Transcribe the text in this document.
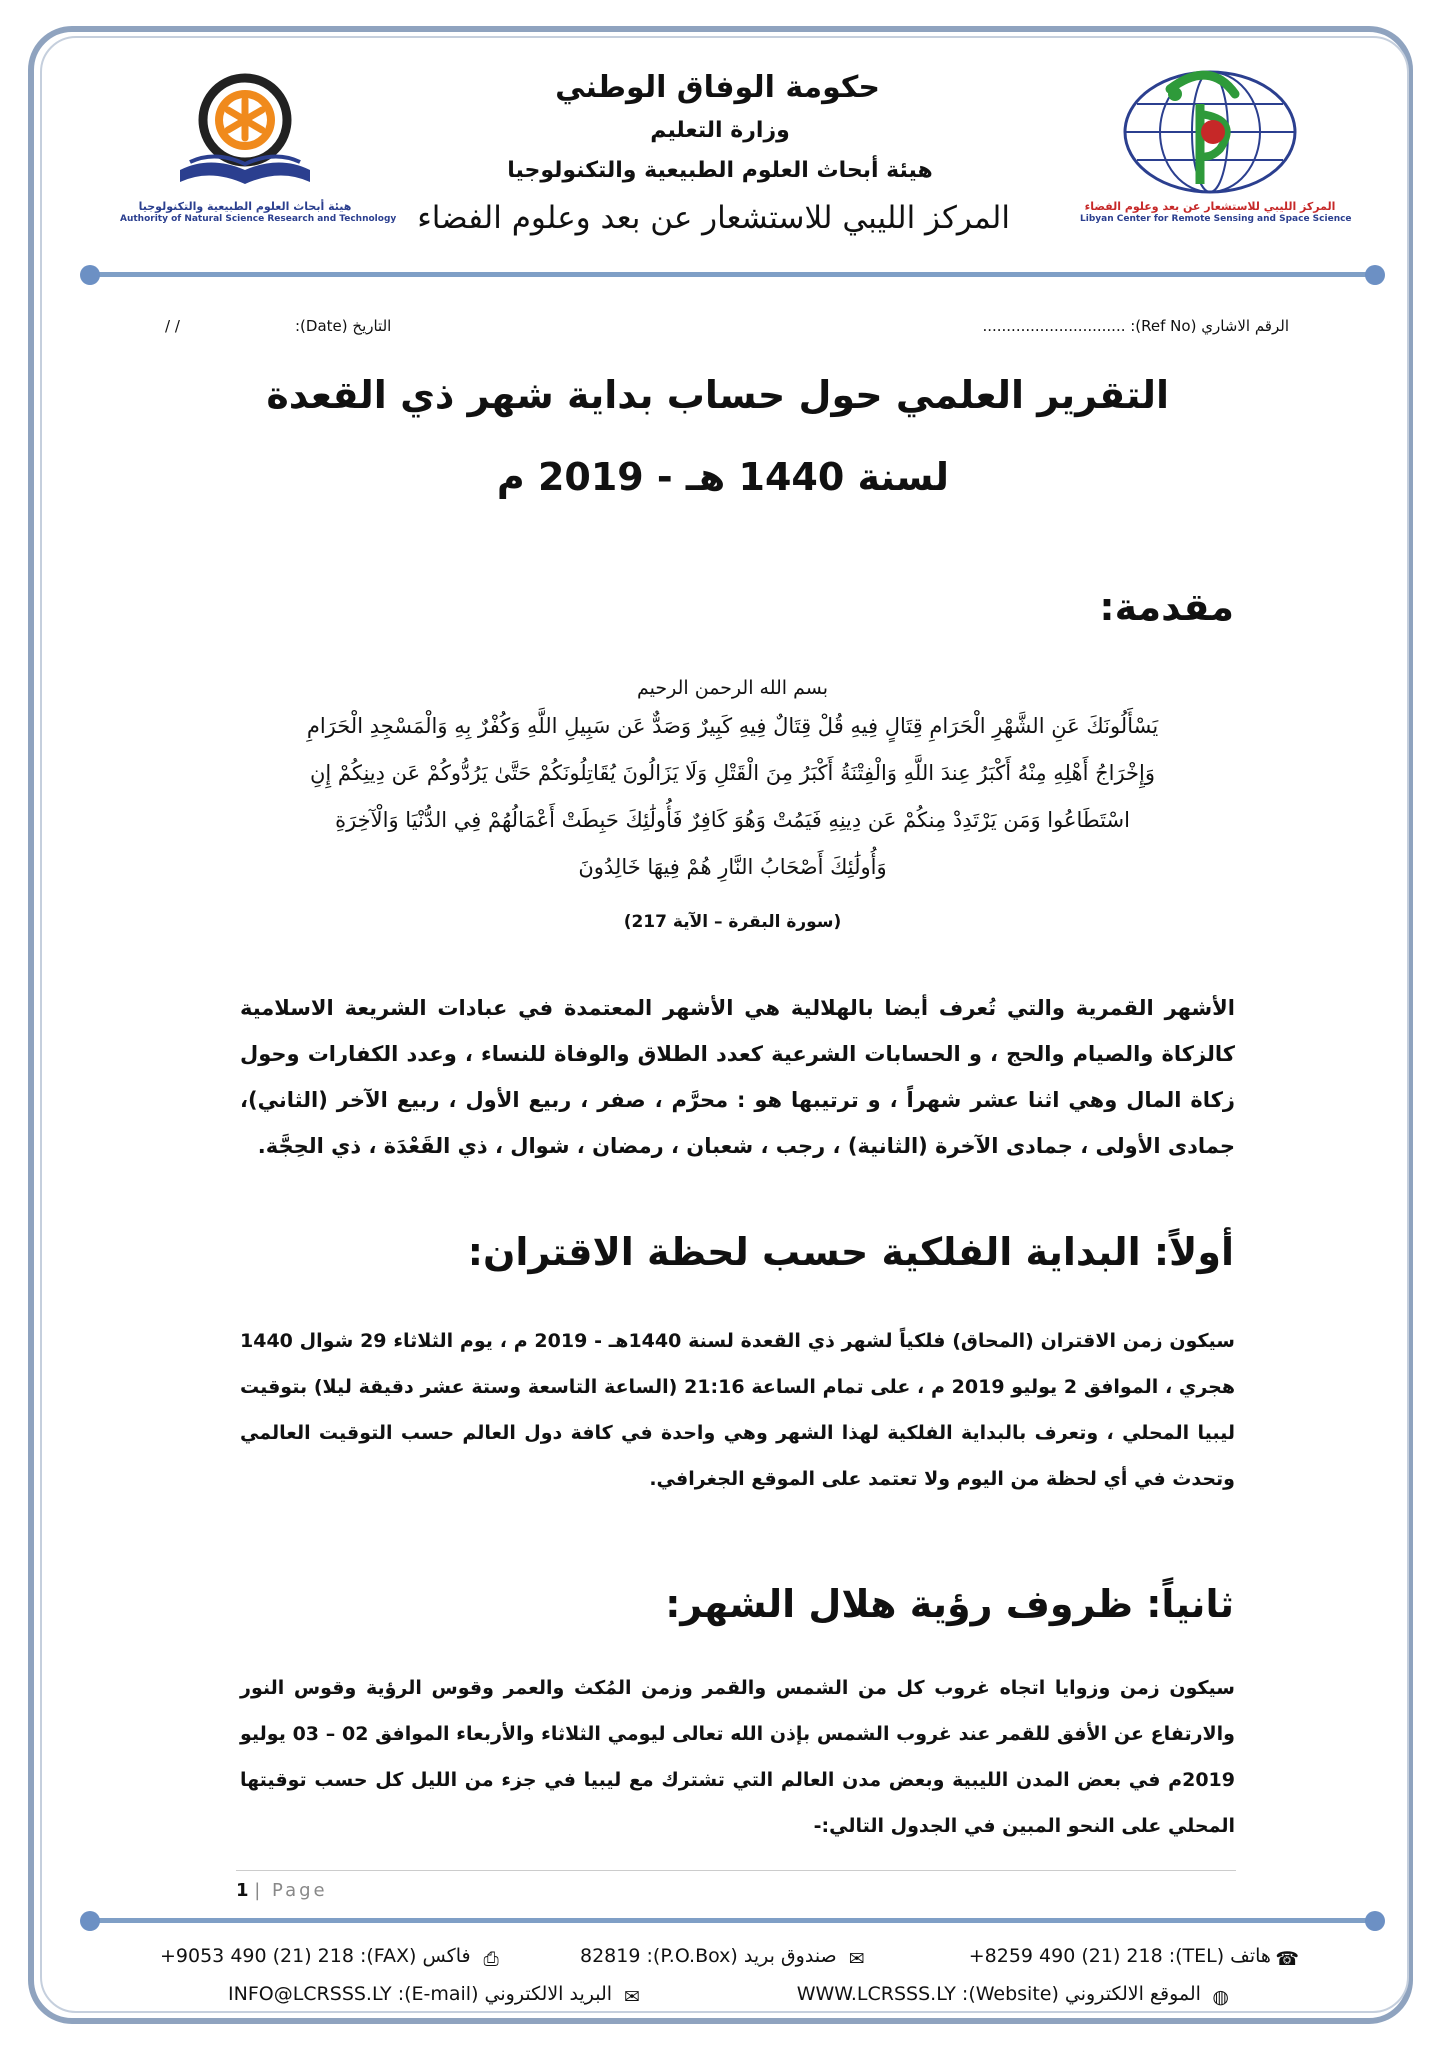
هيئة أبحاث العلوم الطبيعية والتكنولوجيا
Authority of Natural Science Research and Technology
المركز الليبي للاستشعار عن بعد وعلوم الفضاء
Libyan Center for Remote Sensing and Space Science
حكومة الوفاق الوطني
وزارة التعليم
هيئة أبحاث العلوم الطبيعية والتكنولوجيا
المركز الليبي للاستشعار عن بعد وعلوم الفضاء
الرقم الاشاري (Ref No): ..............................
التاريخ (Date):
/ /
التقرير العلمي حول حساب بداية شهر ذي القعدة
لسنة 1440 هـ - 2019 م
مقدمة:
بسم الله الرحمن الرحيم
يَسْأَلُونَكَ عَنِ الشَّهْرِ الْحَرَامِ قِتَالٍ فِيهِ قُلْ قِتَالٌ فِيهِ كَبِيرٌ وَصَدٌّ عَن سَبِيلِ اللَّهِ وَكُفْرٌ بِهِ وَالْمَسْجِدِ الْحَرَامِ
وَإِخْرَاجُ أَهْلِهِ مِنْهُ أَكْبَرُ عِندَ اللَّهِ وَالْفِتْنَةُ أَكْبَرُ مِنَ الْقَتْلِ وَلَا يَزَالُونَ يُقَاتِلُونَكُمْ حَتَّىٰ يَرُدُّوكُمْ عَن دِينِكُمْ إِنِ
اسْتَطَاعُوا وَمَن يَرْتَدِدْ مِنكُمْ عَن دِينِهِ فَيَمُتْ وَهُوَ كَافِرٌ فَأُولَٰئِكَ حَبِطَتْ أَعْمَالُهُمْ فِي الدُّنْيَا وَالْآخِرَةِ
وَأُولَٰئِكَ أَصْحَابُ النَّارِ هُمْ فِيهَا خَالِدُونَ
(سورة البقرة – الآية 217)

الأشهر القمرية والتي تُعرف أيضا بالهلالية هي الأشهر المعتمدة في عبادات الشريعة الاسلامية كالزكاة والصيام والحج ، و الحسابات الشرعية كعدد الطلاق والوفاة للنساء ، وعدد الكفارات وحول زكاة المال وهي اثنا عشر شهراً ، و ترتيبها هو : محرَّم ، صفر ، ربيع الأول ، ربيع الآخر (الثاني)، جمادى الأولى ، جمادى الآخرة (الثانية) ، رجب ، شعبان ، رمضان ، شوال ، ذي القَعْدَة ، ذي الحِجَّة.

أولاً: البداية الفلكية حسب لحظة الاقتران:

سيكون زمن الاقتران (المحاق) فلكياً لشهر ذي القعدة لسنة 1440هـ - 2019 م ، يوم الثلاثاء 29 شوال 1440 هجري ، الموافق 2 يوليو 2019 م ، على تمام الساعة 21:16 (الساعة التاسعة وستة عشر دقيقة ليلا) بتوقيت ليبيا المحلي ، وتعرف بالبداية الفلكية لهذا الشهر وهي واحدة في كافة دول العالم حسب التوقيت العالمي وتحدث في أي لحظة من اليوم ولا تعتمد على الموقع الجغرافي.

ثانياً: ظروف رؤية هلال الشهر:

سيكون زمن وزوايا اتجاه غروب كل من الشمس والقمر وزمن المُكث والعمر وقوس الرؤية وقوس النور والارتفاع عن الأفق للقمر عند غروب الشمس بإذن الله تعالى ليومي الثلاثاء والأربعاء الموافق 02 – 03 يوليو 2019م في بعض المدن الليبية وبعض مدن العالم التي تشترك مع ليبيا في جزء من الليل كل حسب توقيتها المحلي على النحو المبين في الجدول التالي:-

1 | Page
☎ هاتف (TEL): 8259 490 (21) 218+
✉ صندوق بريد (P.O.Box): 82819
⎙ فاكس (FAX): 9053 490 (21) 218+
◍ الموقع الالكتروني (Website): WWW.LCRSSS.LY
✉ البريد الالكتروني (E-mail): INFO@LCRSSS.LY
